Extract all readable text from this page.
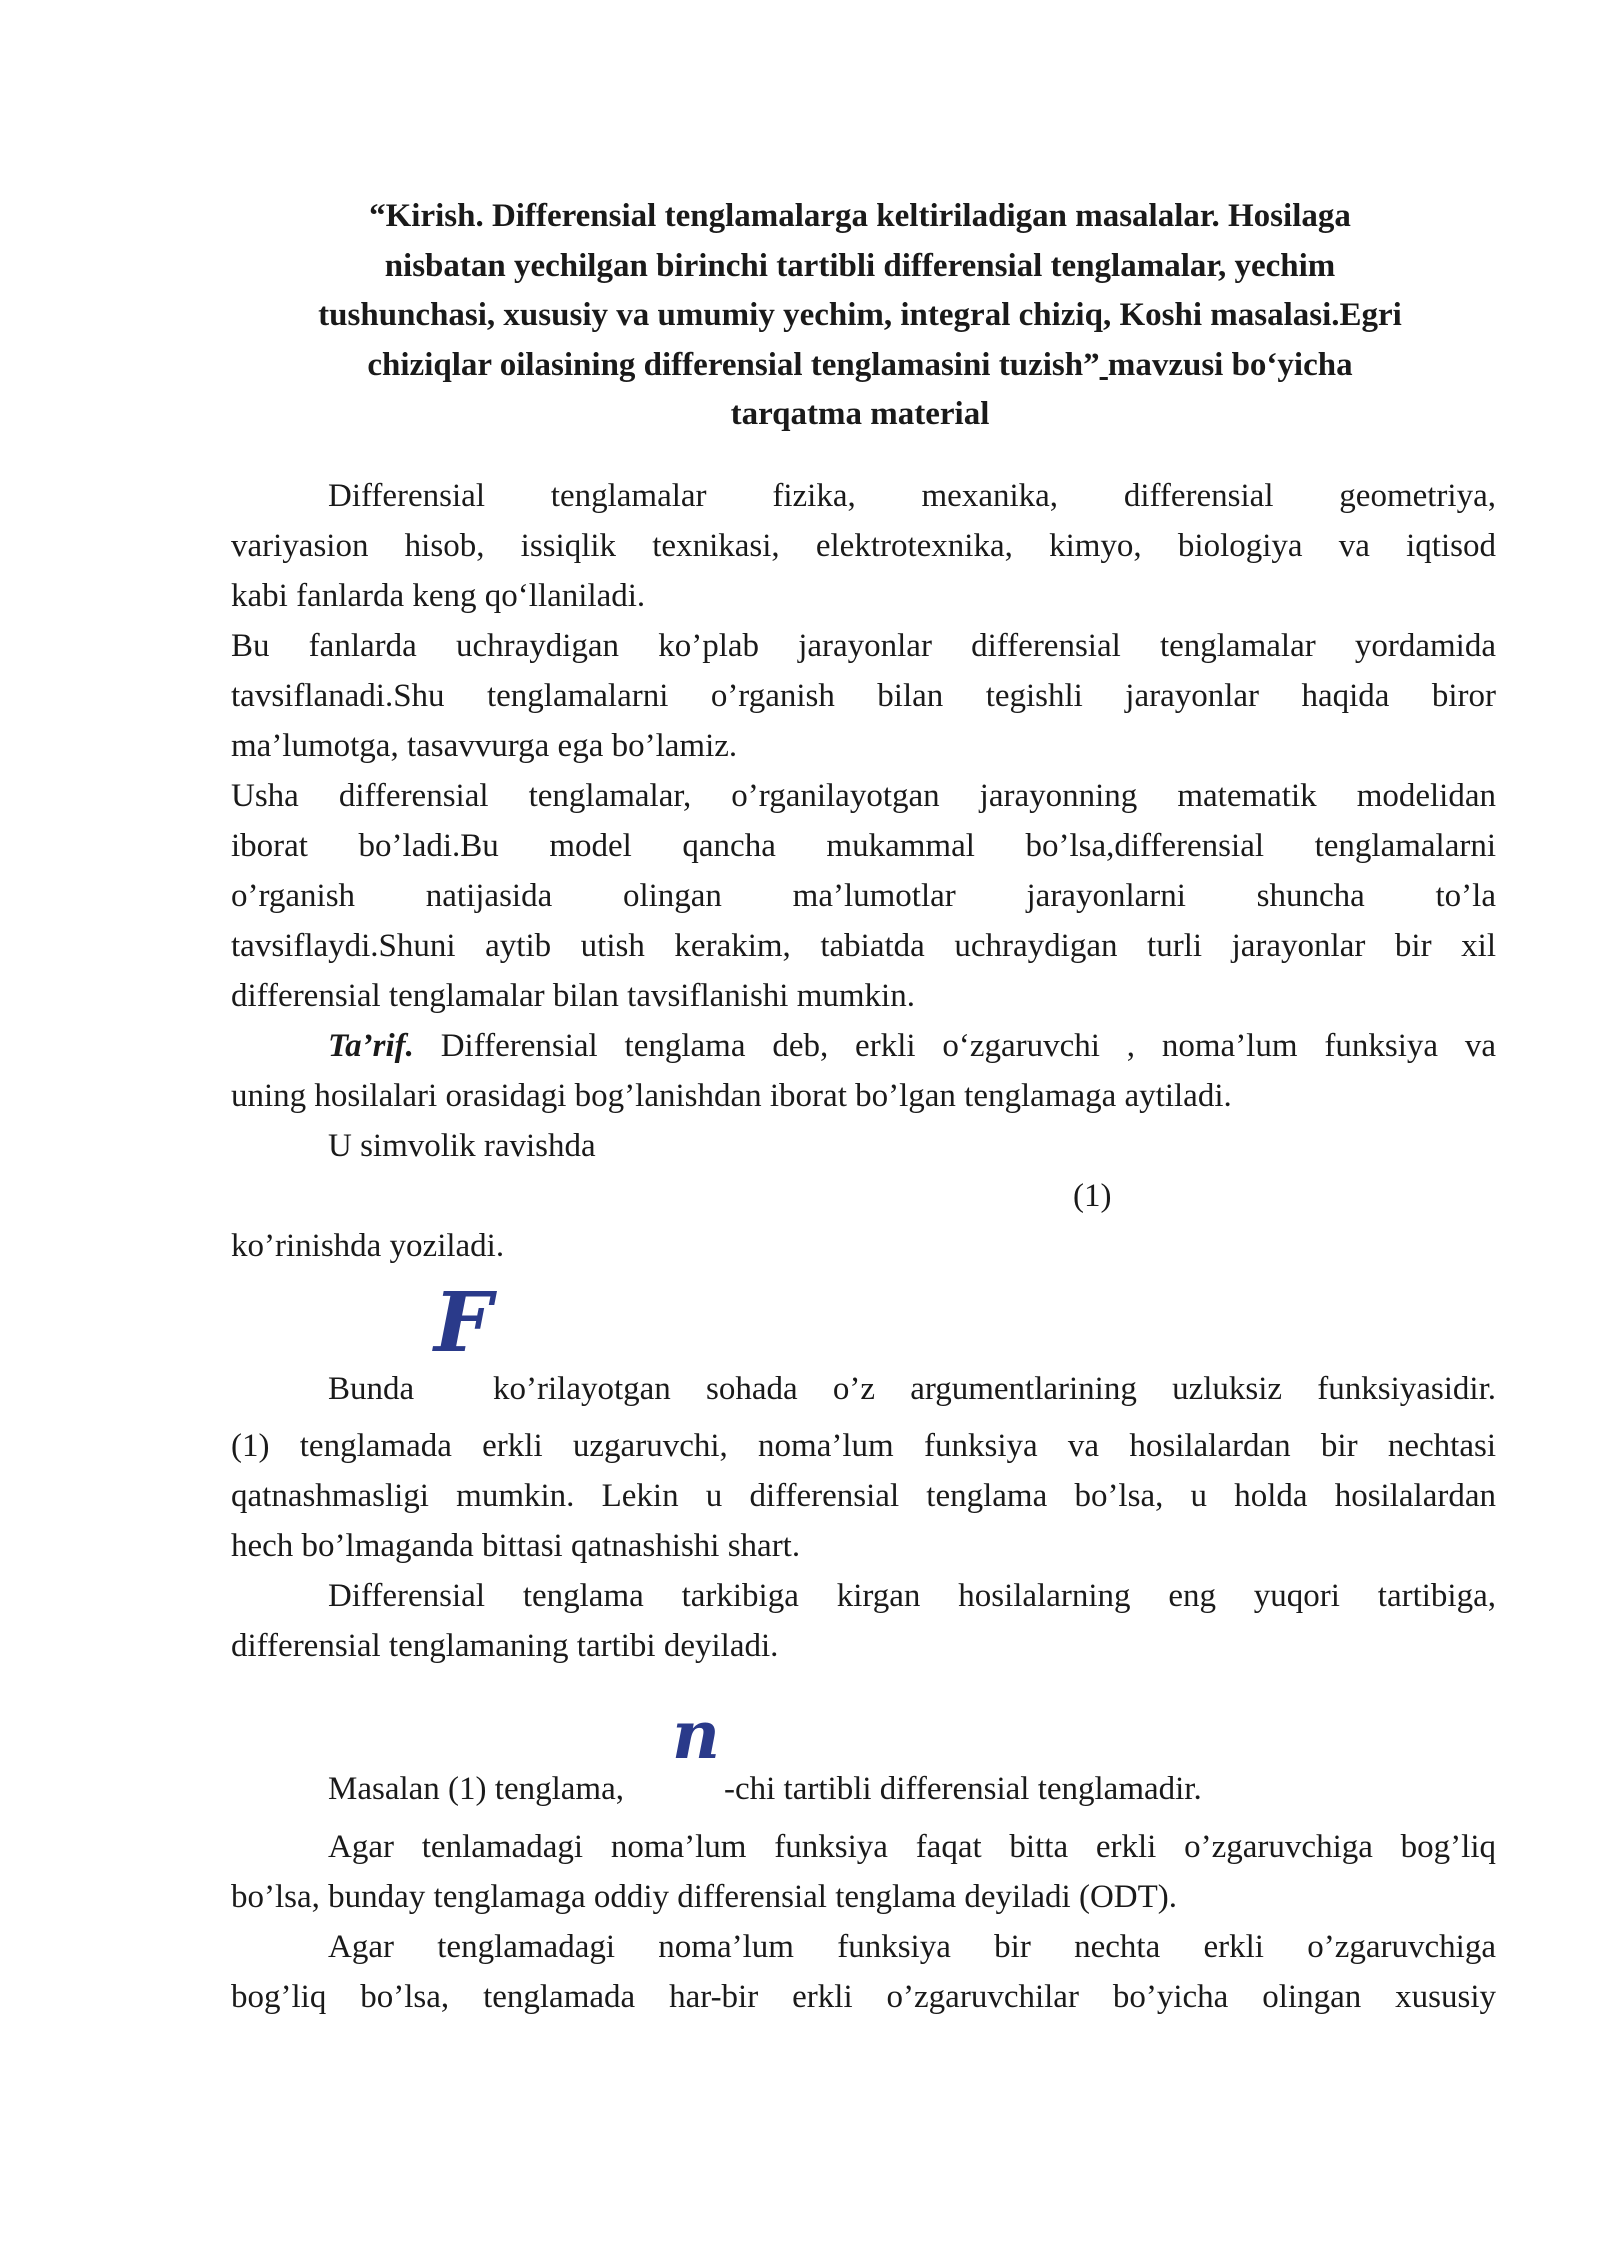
“Kirish. Differensial tenglamalarga keltiriladigan masalalar. Hosilaga
nisbatan yechilgan birinchi tartibli differensial tenglamalar, yechim
tushunchasi, xususiy va umumiy yechim, integral chiziq, Koshi masalasi.Egri
chiziqlar oilasining differensial tenglamasini tuzish” mavzusi bo‘yicha
tarqatma material
Differensial tenglamalar fizika, mexanika, differensial geometriya,
variyasion hisob, issiqlik texnikasi, elektrotexnika, kimyo, biologiya va iqtisod
kabi fanlarda keng qo‘llaniladi.
Bu fanlarda uchraydigan ko’plab jarayonlar differensial tenglamalar yordamida
tavsiflanadi.Shu tenglamalarni o’rganish bilan tegishli jarayonlar haqida biror
ma’lumotga, tasavvurga ega bo’lamiz.
Usha differensial tenglamalar, o’rganilayotgan jarayonning matematik modelidan
iborat bo’ladi.Bu model qancha mukammal bo’lsa,differensial tenglamalarni
o’rganish natijasida olingan ma’lumotlar jarayonlarni shuncha to’la
tavsiflaydi.Shuni aytib utish kerakim, tabiatda uchraydigan turli jarayonlar bir xil
differensial tenglamalar bilan tavsiflanishi mumkin.
Ta’rif. Differensial tenglama deb, erkli o‘zgaruvchi , noma’lum funksiya va
uning hosilalari orasidagi bog’lanishdan iborat bo’lgan tenglamaga aytiladi.
U simvolik ravishda
(1)
ko’rinishda yoziladi.
F
Bunda ko’rilayotgan sohada o’z argumentlarining uzluksiz funksiyasidir.
(1) tenglamada erkli uzgaruvchi, noma’lum funksiya va hosilalardan bir nechtasi
qatnashmasligi mumkin. Lekin u differensial tenglama bo’lsa, u holda hosilalardan
hech bo’lmaganda bittasi qatnashishi shart.
Differensial tenglama tarkibiga kirgan hosilalarning eng yuqori tartibiga,
differensial tenglamaning tartibi deyiladi.
n
Masalan (1) tenglama,	-chi tartibli differensial tenglamadir.
Agar tenlamadagi noma’lum funksiya faqat bitta erkli o’zgaruvchiga bog’liq
bo’lsa, bunday tenglamaga oddiy differensial tenglama deyiladi (ODT).
Agar tenglamadagi noma’lum funksiya bir nechta erkli o’zgaruvchiga
bog’liq bo’lsa, tenglamada har-bir erkli o’zgaruvchilar bo’yicha olingan xususiy
